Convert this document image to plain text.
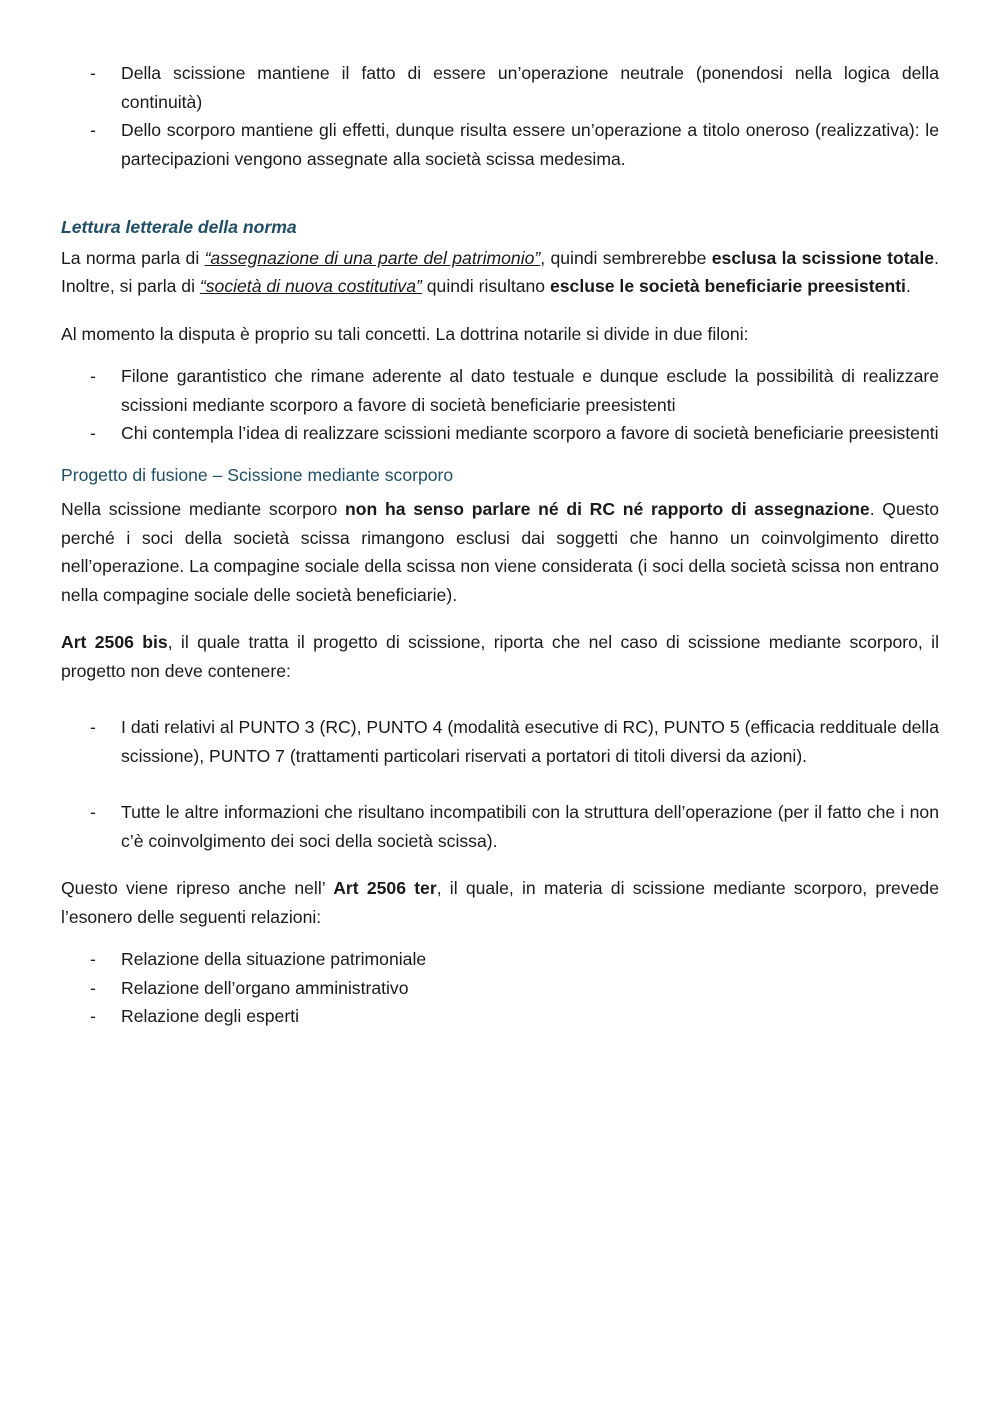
- Della scissione mantiene il fatto di essere un’operazione neutrale (ponendosi nella logica della continuità)
- Dello scorporo mantiene gli effetti, dunque risulta essere un’operazione a titolo oneroso (realizzativa): le partecipazioni vengono assegnate alla società scissa medesima.

Lettura letterale della norma

La norma parla di “assegnazione di una parte del patrimonio”, quindi sembrerebbe esclusa la scissione totale. Inoltre, si parla di “società di nuova costitutiva” quindi risultano escluse le società beneficiarie preesistenti.

Al momento la disputa è proprio su tali concetti. La dottrina notarile si divide in due filoni:

- Filone garantistico che rimane aderente al dato testuale e dunque esclude la possibilità di realizzare scissioni mediante scorporo a favore di società beneficiarie preesistenti
- Chi contempla l’idea di realizzare scissioni mediante scorporo a favore di società beneficiarie preesistenti

Progetto di fusione – Scissione mediante scorporo

Nella scissione mediante scorporo non ha senso parlare né di RC né rapporto di assegnazione. Questo perché i soci della società scissa rimangono esclusi dai soggetti che hanno un coinvolgimento diretto nell’operazione. La compagine sociale della scissa non viene considerata (i soci della società scissa non entrano nella compagine sociale delle società beneficiarie).

Art 2506 bis, il quale tratta il progetto di scissione, riporta che nel caso di scissione mediante scorporo, il progetto non deve contenere:

- I dati relativi al PUNTO 3 (RC), PUNTO 4 (modalità esecutive di RC), PUNTO 5 (efficacia reddituale della scissione), PUNTO 7 (trattamenti particolari riservati a portatori di titoli diversi da azioni).
- Tutte le altre informazioni che risultano incompatibili con la struttura dell’operazione (per il fatto che i non c’è coinvolgimento dei soci della società scissa).

Questo viene ripreso anche nell’ Art 2506 ter, il quale, in materia di scissione mediante scorporo, prevede l’esonero delle seguenti relazioni:

- Relazione della situazione patrimoniale
- Relazione dell’organo amministrativo
- Relazione degli esperti
